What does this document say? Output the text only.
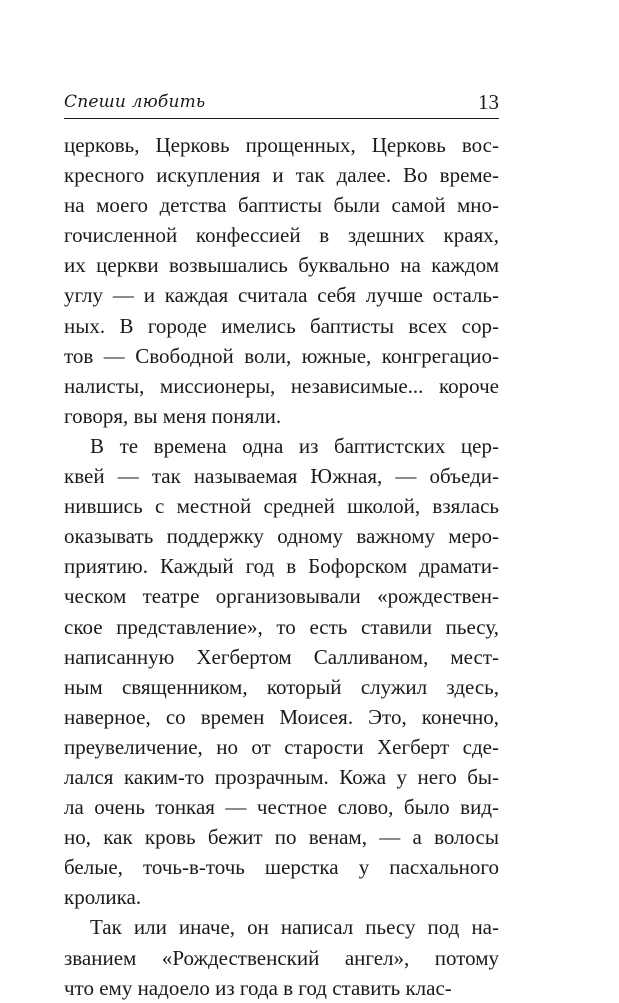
Спеши любить	13
церковь, Церковь прощенных, Церковь вос-
кресного искупления и так далее. Во време-
на моего детства баптисты были самой мно-
гочисленной конфессией в здешних краях,
их церкви возвышались буквально на каждом
углу — и каждая считала себя лучше осталь-
ных. В городе имелись баптисты всех сор-
тов — Свободной воли, южные, конгрегацио-
налисты, миссионеры, независимые... короче
говоря, вы меня поняли.
В те времена одна из баптистских цер-
квей — так называемая Южная, — объеди-
нившись с местной средней школой, взялась
оказывать поддержку одному важному меро-
приятию. Каждый год в Бофорском драмати-
ческом театре организовывали «рождествен-
ское представление», то есть ставили пьесу,
написанную Хегбертом Салливаном, мест-
ным священником, который служил здесь,
наверное, со времен Моисея. Это, конечно,
преувеличение, но от старости Хегберт сде-
лался каким-то прозрачным. Кожа у него бы-
ла очень тонкая — честное слово, было вид-
но, как кровь бежит по венам, — а волосы
белые, точь-в-точь шерстка у пасхального
кролика.
Так или иначе, он написал пьесу под на-
званием «Рождественский ангел», потому
что ему надоело из года в год ставить клас-
